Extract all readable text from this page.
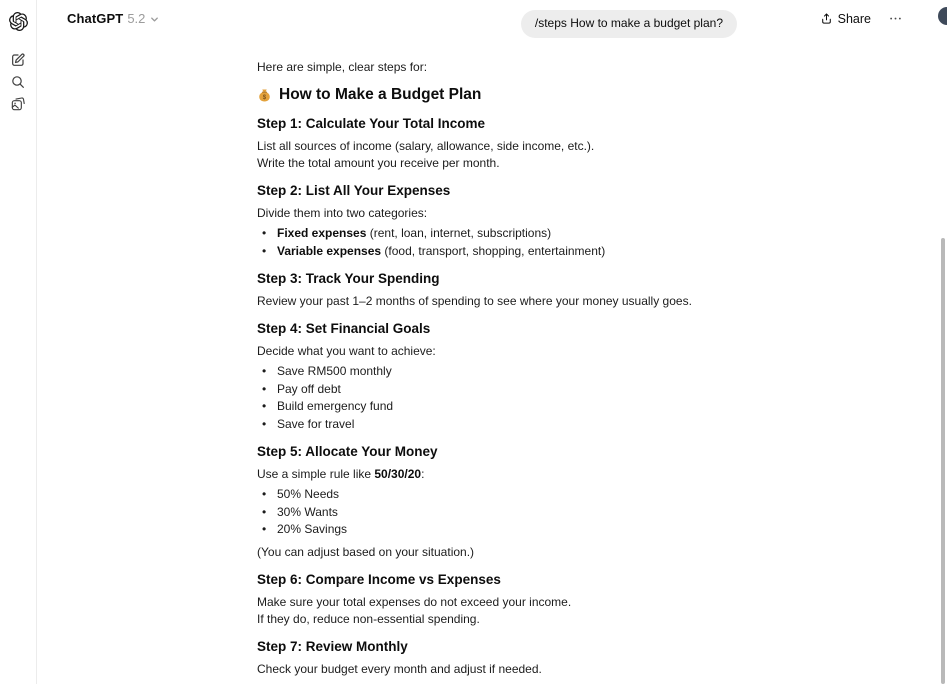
ChatGPT 5.2	Share
/steps How to make a budget plan?

Here are simple, clear steps for:

$ How to Make a Budget Plan
Step 1: Calculate Your Total Income

List all sources of income (salary, allowance, side income, etc.).

Write the total amount you receive per month.

Step 2: List All Your Expenses

Divide them into two categories:

• Fixed expenses (rent, loan, internet, subscriptions)
• Variable expenses (food, transport, shopping, entertainment)
Step 3: Track Your Spending

Review your past 1–2 months of spending to see where your money usually goes.

Step 4: Set Financial Goals

Decide what you want to achieve:

• Save RM500 monthly
• Pay off debt
• Build emergency fund
• Save for travel
Step 5: Allocate Your Money

Use a simple rule like 50/30/20:

• 50% Needs
• 30% Wants
• 20% Savings

(You can adjust based on your situation.)

Step 6: Compare Income vs Expenses

Make sure your total expenses do not exceed your income.

If they do, reduce non-essential spending.

Step 7: Review Monthly

Check your budget every month and adjust if needed.
